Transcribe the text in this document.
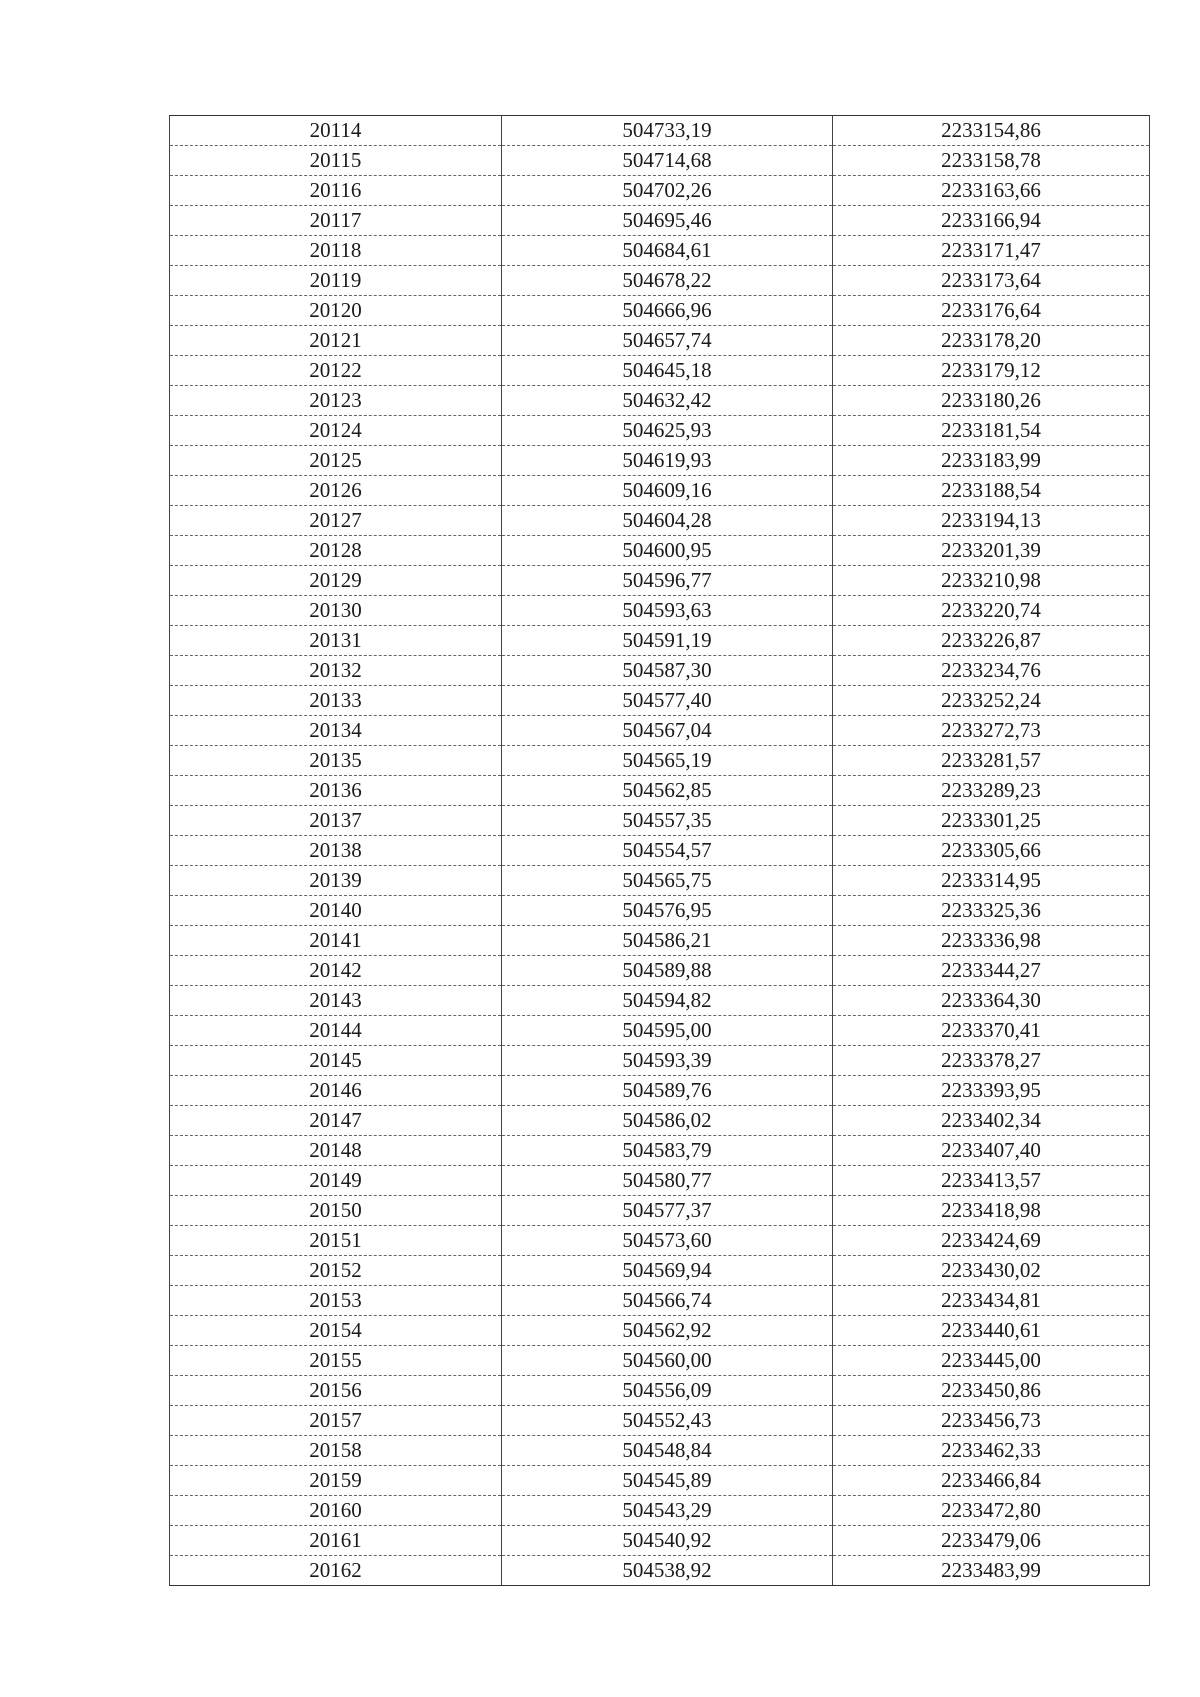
20114	504733,19	2233154,86
20115	504714,68	2233158,78
20116	504702,26	2233163,66
20117	504695,46	2233166,94
20118	504684,61	2233171,47
20119	504678,22	2233173,64
20120	504666,96	2233176,64
20121	504657,74	2233178,20
20122	504645,18	2233179,12
20123	504632,42	2233180,26
20124	504625,93	2233181,54
20125	504619,93	2233183,99
20126	504609,16	2233188,54
20127	504604,28	2233194,13
20128	504600,95	2233201,39
20129	504596,77	2233210,98
20130	504593,63	2233220,74
20131	504591,19	2233226,87
20132	504587,30	2233234,76
20133	504577,40	2233252,24
20134	504567,04	2233272,73
20135	504565,19	2233281,57
20136	504562,85	2233289,23
20137	504557,35	2233301,25
20138	504554,57	2233305,66
20139	504565,75	2233314,95
20140	504576,95	2233325,36
20141	504586,21	2233336,98
20142	504589,88	2233344,27
20143	504594,82	2233364,30
20144	504595,00	2233370,41
20145	504593,39	2233378,27
20146	504589,76	2233393,95
20147	504586,02	2233402,34
20148	504583,79	2233407,40
20149	504580,77	2233413,57
20150	504577,37	2233418,98
20151	504573,60	2233424,69
20152	504569,94	2233430,02
20153	504566,74	2233434,81
20154	504562,92	2233440,61
20155	504560,00	2233445,00
20156	504556,09	2233450,86
20157	504552,43	2233456,73
20158	504548,84	2233462,33
20159	504545,89	2233466,84
20160	504543,29	2233472,80
20161	504540,92	2233479,06
20162	504538,92	2233483,99
